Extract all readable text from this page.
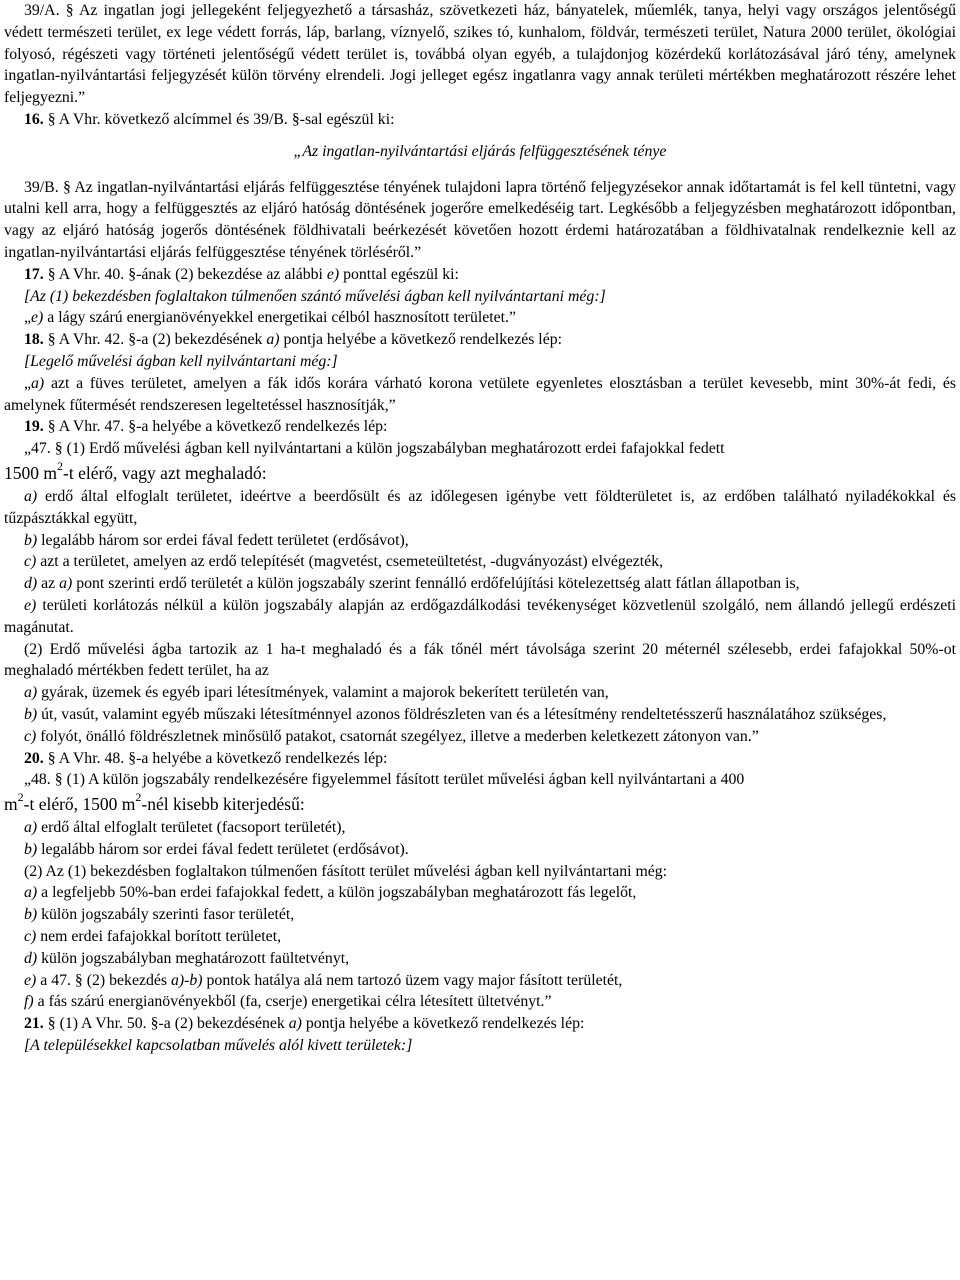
39/A. § Az ingatlan jogi jellegeként feljegyezhető a társasház, szövetkezeti ház, bányatelek, műemlék, tanya, helyi vagy országos jelentőségű védett természeti terület, ex lege védett forrás, láp, barlang, víznyelő, szikes tó, kunhalom, földvár, természeti terület, Natura 2000 terület, ökológiai folyosó, régészeti vagy történeti jelentőségű védett terület is, továbbá olyan egyéb, a tulajdonjog közérdekű korlátozásával járó tény, amelynek ingatlan-nyilvántartási feljegyzését külön törvény elrendeli. Jogi jelleget egész ingatlanra vagy annak területi mértékben meghatározott részére lehet feljegyezni.”

16. § A Vhr. következő alcímmel és 39/B. §-sal egészül ki:

„Az ingatlan-nyilvántartási eljárás felfüggesztésének ténye

39/B. § Az ingatlan-nyilvántartási eljárás felfüggesztése tényének tulajdoni lapra történő feljegyzésekor annak időtartamát is fel kell tüntetni, vagy utalni kell arra, hogy a felfüggesztés az eljáró hatóság döntésének jogerőre emelkedéséig tart. Legkésőbb a feljegyzésben meghatározott időpontban, vagy az eljáró hatóság jogerős döntésének földhivatali beérkezését követően hozott érdemi határozatában a földhivatalnak rendelkeznie kell az ingatlan-nyilvántartási eljárás felfüggesztése tényének törléséről.”

17. § A Vhr. 40. §-ának (2) bekezdése az alábbi e) ponttal egészül ki:

[Az (1) bekezdésben foglaltakon túlmenően szántó művelési ágban kell nyilvántartani még:]

„e) a lágy szárú energianövényekkel energetikai célból hasznosított területet.”

18. § A Vhr. 42. §-a (2) bekezdésének a) pontja helyébe a következő rendelkezés lép:

[Legelő művelési ágban kell nyilvántartani még:]

„a) azt a füves területet, amelyen a fák idős korára várható korona vetülete egyenletes elosztásban a terület kevesebb, mint 30%-át fedi, és amelynek fűtermését rendszeresen legeltetéssel hasznosítják,”

19. § A Vhr. 47. §-a helyébe a következő rendelkezés lép:

„47. § (1) Erdő művelési ágban kell nyilvántartani a külön jogszabályban meghatározott erdei fafajokkal fedett

1500 $m^2-t$ elérő, vagy azt meghaladó:

a) erdő által elfoglalt területet, ideértve a beerdősült és az időlegesen igénybe vett földterületet is, az erdőben található nyiladékokkal és tűzpásztákkal együtt,

b) legalább három sor erdei fával fedett területet (erdősávot),

c) azt a területet, amelyen az erdő telepítését (magvetést, csemeteültetést, -dugványozást) elvégezték,

d) az a) pont szerinti erdő területét a külön jogszabály szerint fennálló erdőfelújítási kötelezettség alatt fátlan állapotban is,

e) területi korlátozás nélkül a külön jogszabály alapján az erdőgazdálkodási tevékenységet közvetlenül szolgáló, nem állandó jellegű erdészeti magánutat.

(2) Erdő művelési ágba tartozik az 1 ha-t meghaladó és a fák tőnél mért távolsága szerint 20 méternél szélesebb, erdei fafajokkal 50%-ot meghaladó mértékben fedett terület, ha az

a) gyárak, üzemek és egyéb ipari létesítmények, valamint a majorok bekerített területén van,

b) út, vasút, valamint egyéb műszaki létesítménnyel azonos földrészleten van és a létesítmény rendeltetésszerű használatához szükséges,

c) folyót, önálló földrészletnek minősülő patakot, csatornát szegélyez, illetve a mederben keletkezett zátonyon van.”

20. § A Vhr. 48. §-a helyébe a következő rendelkezés lép:

„48. § (1) A külön jogszabály rendelkezésére figyelemmel fásított terület művelési ágban kell nyilvántartani a 400

$m^2-t$ elérő, 1500 $m^2$-nél kisebb kiterjedésű:

a) erdő által elfoglalt területet (facsoport területét),

b) legalább három sor erdei fával fedett területet (erdősávot).

(2) Az (1) bekezdésben foglaltakon túlmenően fásított terület művelési ágban kell nyilvántartani még:

a) a legfeljebb 50%-ban erdei fafajokkal fedett, a külön jogszabályban meghatározott fás legelőt,

b) külön jogszabály szerinti fasor területét,

c) nem erdei fafajokkal borított területet,

d) külön jogszabályban meghatározott faültetvényt,

e) a 47. § (2) bekezdés a)-b) pontok hatálya alá nem tartozó üzem vagy major fásított területét,

f) a fás szárú energianövényekből (fa, cserje) energetikai célra létesített ültetvényt.”

21. § (1) A Vhr. 50. §-a (2) bekezdésének a) pontja helyébe a következő rendelkezés lép:

[A településekkel kapcsolatban művelés alól kivett területek:]
